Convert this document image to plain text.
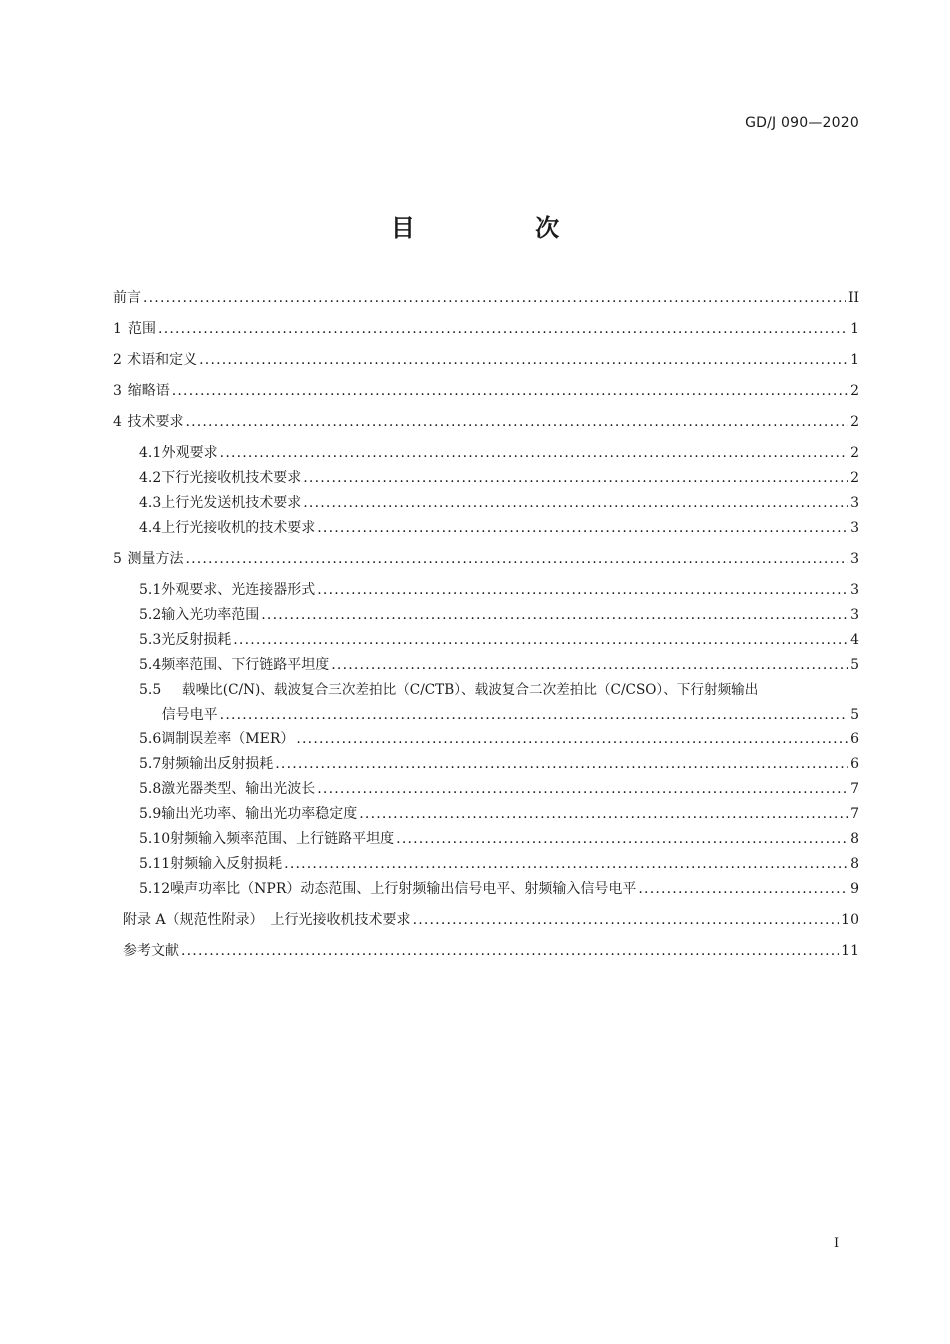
GD/J 090—2020
目 次
前言 .....	II
1 范围 .....	1
2 术语和定义 .....	1
3 缩略语 .....	2
4 技术要求 .....	2
4.1 外观要求 .....	2
4.2 下行光接收机技术要求 .....	2
4.3 上行光发送机技术要求 .....	3
4.4 上行光接收机的技术要求 .....	3
5 测量方法 .....	3
5.1 外观要求、光连接器形式 .....	3
5.2 输入光功率范围 .....	3
5.3 光反射损耗 .....	4
5.4 频率范围、下行链路平坦度 .....	5
5.5	载噪比(C/N)、载波复合三次差拍比（C/CTB）、载波复合二次差拍比（C/CSO）、下行射频输出
信号电平 .....	5
5.6 调制误差率（MER） .....	6
5.7 射频输出反射损耗 .....	6
5.8 激光器类型、输出光波长 .....	7
5.9 输出光功率、输出光功率稳定度 .....	7
5.10 射频输入频率范围、上行链路平坦度 .....	8
5.11 射频输入反射损耗 .....	8
5.12 噪声功率比（NPR）动态范围、上行射频输出信号电平、射频输入信号电平 .....	9
附录 A（规范性附录）　上行光接收机技术要求 .....	10
参考文献 .....	11
I
